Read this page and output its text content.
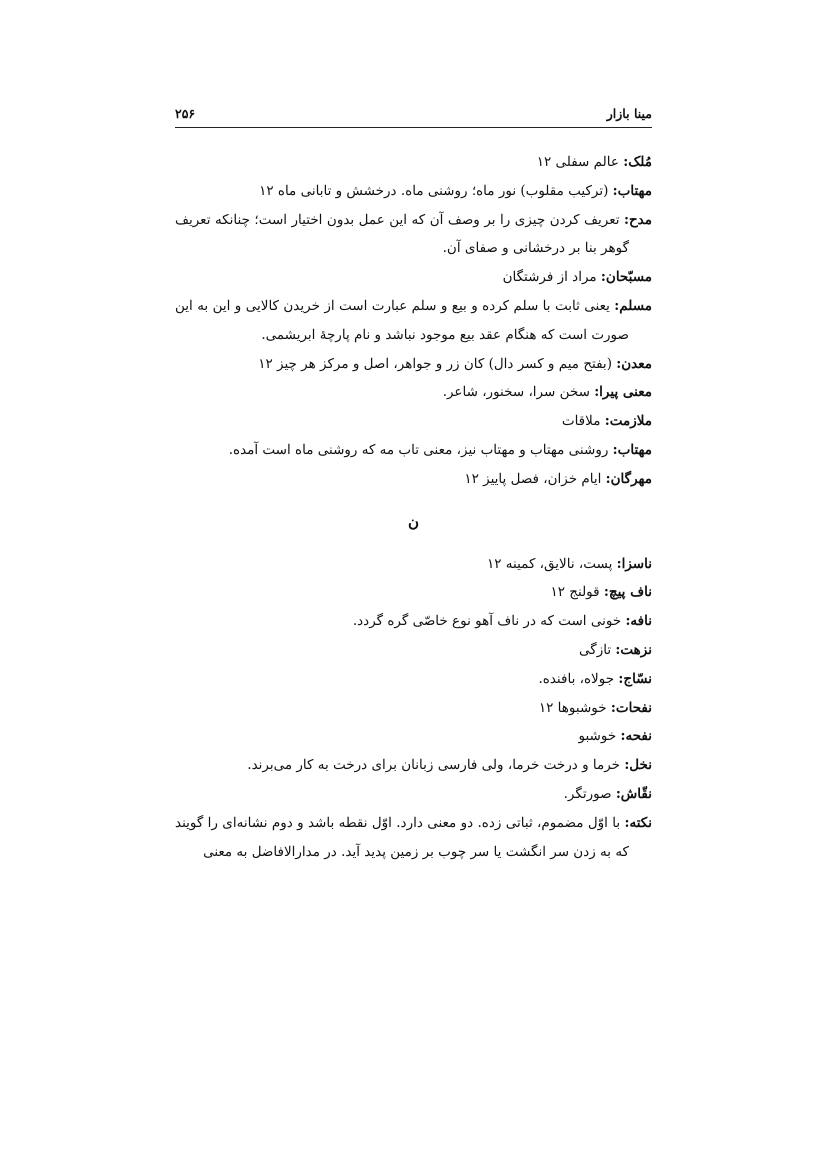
مینا بازار
۲۵۶

مُلک: عالم سفلی ۱۲

مهتاب: (ترکیب مقلوب) نور ماه؛ روشنی ماه. درخشش و تابانی ماه ۱۲

مدح: تعریف کردن چیزی را بر وصف آن که این عمل بدون اختیار است؛ چنانکه تعریف گوهر بنا بر درخشانی و صفای آن.

مسبّحان: مراد از فرشتگان

مسلم: یعنی ثابت با سلم کرده و بیع و سلم عبارت است از خریدن کالایی و این به این صورت است که هنگام عقد بیع موجود نباشد و نام پارچهٔ ابریشمی.

معدن: (بفتح میم و کسر دال) کان زر و جواهر، اصل و مرکز هر چیز ۱۲

معنی پیرا: سخن سرا، سخنور، شاعر.

ملازمت: ملاقات

مهتاب: روشنی مهتاب و مهتاب نیز، معنی تاب مه که روشنی ماه است آمده.

مهرگان: ایام خزان، فصل پاییز ۱۲

ن

ناسزا: پست، نالایق، کمینه ۱۲

ناف پیچ: قولنج ۱۲

نافه: خونی است که در ناف آهو نوع خاصّی گره گردد.

نزهت: تازگی

نسّاج: جولاه، بافنده.

نفحات: خوشبوها ۱۲

نفحه: خوشبو

نخل: خرما و درخت خرما، ولی فارسی زبانان برای درخت به کار می‌برند.

نقّاش: صورتگر.

نکته: با اوّل مضموم، ثباتی زده. دو معنی دارد. اوّل نقطه باشد و دوم نشانه‌ای را گویند که به زدن سر انگشت یا سر چوب بر زمین پدید آید. در مدارالافاضل به معنی
